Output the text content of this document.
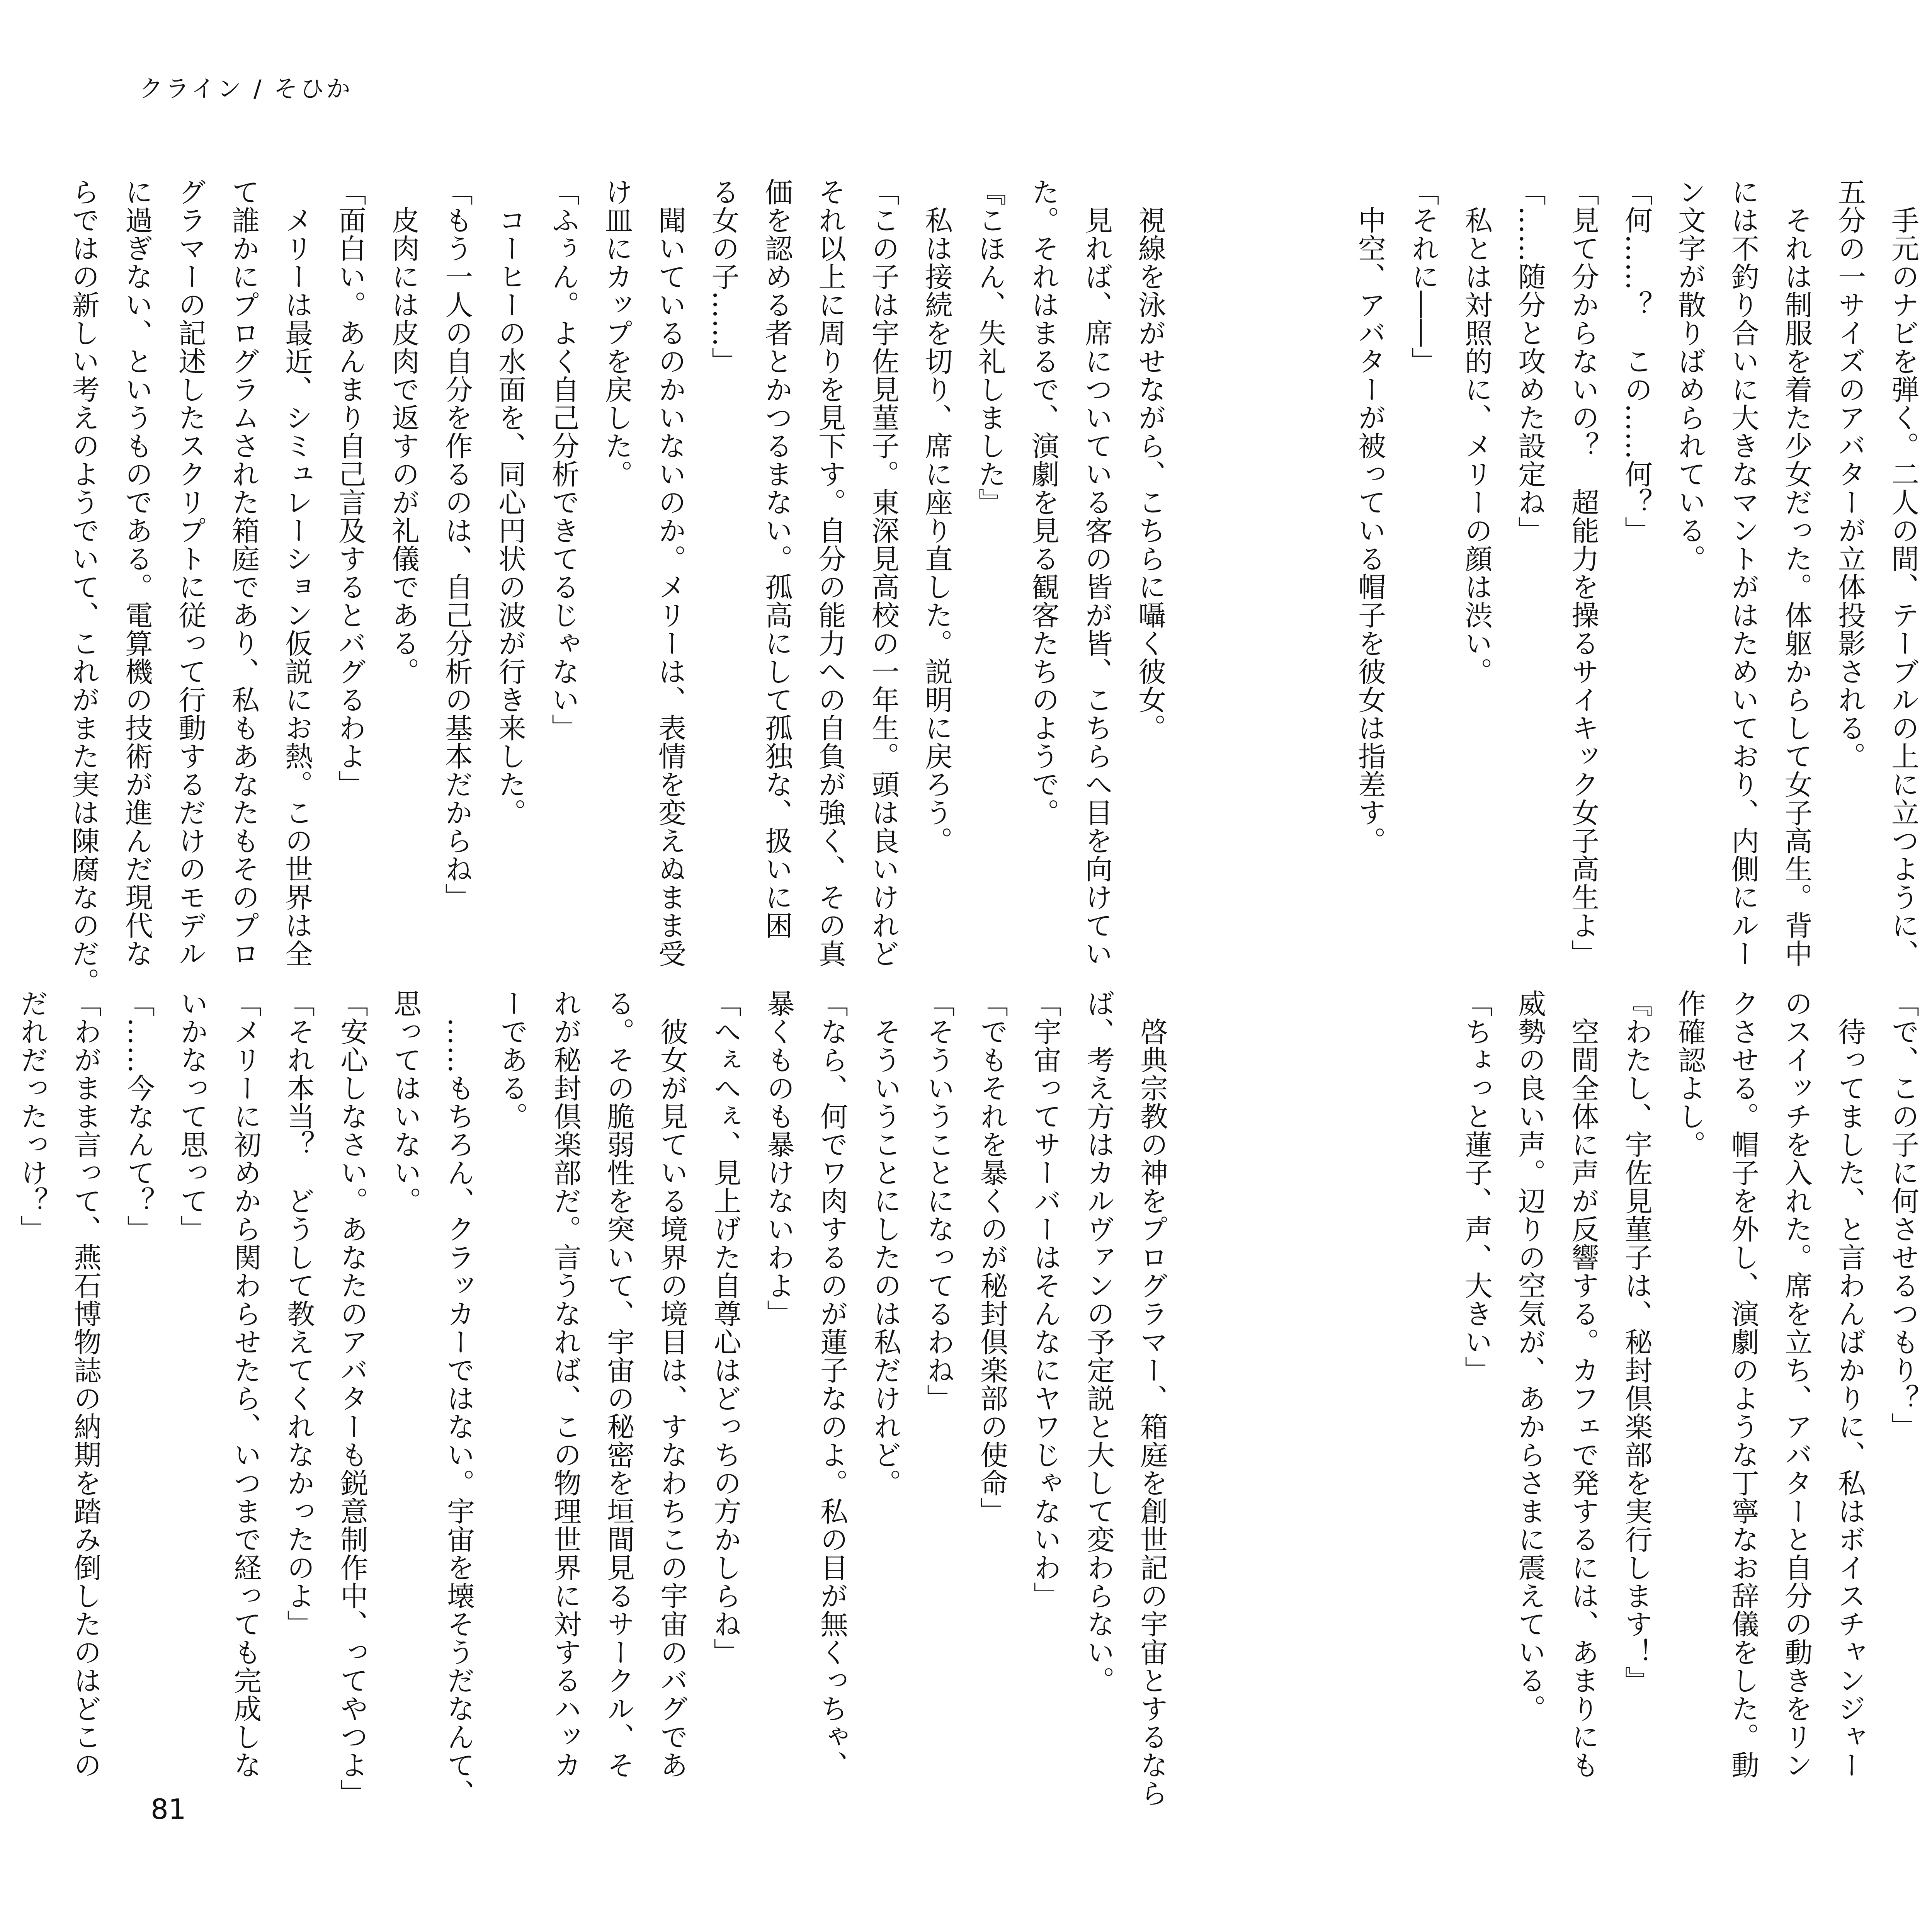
クライン / そひか
　視線を泳がせながら、こちらに囁く彼女。
　見れば、席についている客の皆が皆、こちらへ目を向けてい
た。それはまるで、演劇を見る観客たちのようで。
『こほん、失礼しました』
　私は接続を切り、席に座り直した。説明に戻ろう。
「この子は宇佐見菫子。東深見高校の一年生。頭は良いけれど
それ以上に周りを見下す。自分の能力への自負が強く、その真
価を認める者とかつるまない。孤高にして孤独な、扱いに困
る女の子……」
　聞いているのかいないのか。メリーは、表情を変えぬまま受
け皿にカップを戻した。
「ふぅん。よく自己分析できてるじゃない」
　コーヒーの水面を、同心円状の波が行き来した。
「もう一人の自分を作るのは、自己分析の基本だからね」
　皮肉には皮肉で返すのが礼儀である。
「面白い。あんまり自己言及するとバグるわよ」
　メリーは最近、シミュレーション仮説にお熱。この世界は全
て誰かにプログラムされた箱庭であり、私もあなたもそのプロ
グラマーの記述したスクリプトに従って行動するだけのモデル
に過ぎない、というものである。電算機の技術が進んだ現代な
らではの新しい考えのようでいて、これがまた実は陳腐なのだ。
　啓典宗教の神をプログラマー、箱庭を創世記の宇宙とするなら
ば、考え方はカルヴァンの予定説と大して変わらない。
「宇宙ってサーバーはそんなにヤワじゃないわ」
「でもそれを暴くのが秘封倶楽部の使命」
「そういうことになってるわね」
　そういうことにしたのは私だけれど。
「なら、何でワ肉するのが蓮子なのよ。私の目が無くっちゃ、
暴くものも暴けないわよ」
「へぇへぇ、見上げた自尊心はどっちの方かしらね」
　彼女が見ている境界の境目は、すなわちこの宇宙のバグであ
る。その脆弱性を突いて、宇宙の秘密を垣間見るサークル、そ
れが秘封倶楽部だ。言うなれば、この物理世界に対するハッカ
ーである。
　……もちろん、クラッカーではない。宇宙を壊そうだなんて、
思ってはいない。
「安心しなさい。あなたのアバターも鋭意制作中、ってやつよ」
「それ本当？　どうして教えてくれなかったのよ」
「メリーに初めから関わらせたら、いつまで経っても完成しな
いかなって思って」
「……今なんて？」
「わがまま言って、燕石博物誌の納期を踏み倒したのはどこの
だれだったっけ？」
81
　手元のナビを弾く。二人の間、テーブルの上に立つように、
五分の一サイズのアバターが立体投影される。
　それは制服を着た少女だった。体躯からして女子高生。背中
には不釣り合いに大きなマントがはためいており、内側にルー
ン文字が散りばめられている。
「何……？　この……何？」
「見て分からないの？　超能力を操るサイキック女子高生よ」
「……随分と攻めた設定ね」
　私とは対照的に、メリーの顔は渋い。
「それに――」
　中空、アバターが被っている帽子を彼女は指差す。
「で、この子に何させるつもり？」
　待ってました、と言わんばかりに、私はボイスチャンジャー
のスイッチを入れた。席を立ち、アバターと自分の動きをリン
クさせる。帽子を外し、演劇のような丁寧なお辞儀をした。動
作確認よし。
『わたし、宇佐見菫子は、秘封倶楽部を実行します！』
　空間全体に声が反響する。カフェで発するには、あまりにも
威勢の良い声。辺りの空気が、あからさまに震えている。
「ちょっと蓮子、声、大きい」
